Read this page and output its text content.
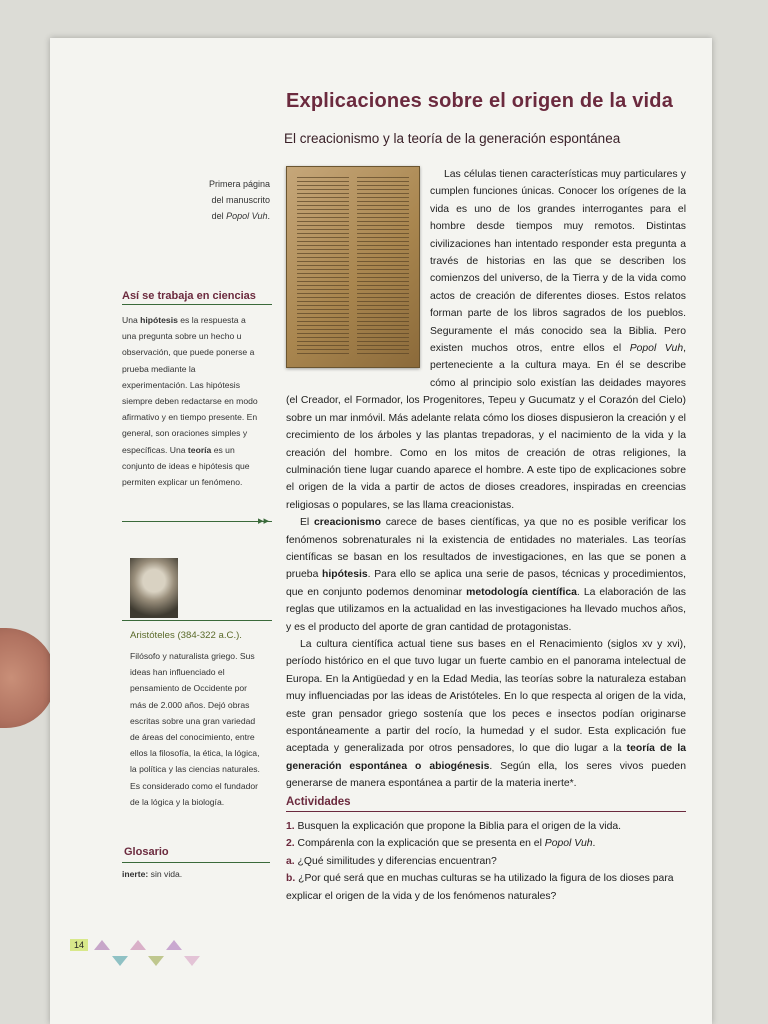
Explicaciones sobre el origen de la vida
El creacionismo y la teoría de la generación espontánea
Primera página
del manuscrito
del Popol Vuh.

Las células tienen características muy particulares y cumplen funciones únicas. Conocer los orígenes de la vida es uno de los grandes interrogantes para el hombre desde tiempos muy remotos. Distintas civilizaciones han intentado responder esta pregunta a través de historias en las que se describen los comienzos del universo, de la Tierra y de la vida como actos de creación de diferentes dioses. Estos relatos forman parte de los libros sagrados de los pueblos. Seguramente el más conocido sea la Biblia. Pero existen muchos otros, entre ellos el Popol Vuh, perteneciente a la cultura maya. En él se describe cómo al principio solo existían las deidades mayores (el Creador, el Formador, los Progenitores, Tepeu y Gucumatz y el Corazón del Cielo) sobre un mar inmóvil. Más adelante relata cómo los dioses dispusieron la creación y el crecimiento de los árboles y las plantas trepadoras, y el nacimiento de la vida y la creación del hombre. Como en los mitos de creación de otras religiones, la culminación tiene lugar cuando aparece el hombre. A este tipo de explicaciones sobre el origen de la vida a partir de actos de dioses creadores, inspiradas en creencias religiosas o populares, se las llama creacionistas.

El creacionismo carece de bases científicas, ya que no es posible verificar los fenómenos sobrenaturales ni la existencia de entidades no materiales. Las teorías científicas se basan en los resultados de investigaciones, en las que se ponen a prueba hipótesis. Para ello se aplica una serie de pasos, técnicas y procedimientos, que en conjunto podemos denominar metodología científica. La elaboración de las reglas que utilizamos en la actualidad en las investigaciones ha llevado muchos años, y es el producto del aporte de gran cantidad de protagonistas.

La cultura científica actual tiene sus bases en el Renacimiento (siglos xv y xvi), período histórico en el que tuvo lugar un fuerte cambio en el panorama intelectual de Europa. En la Antigüedad y en la Edad Media, las teorías sobre la naturaleza estaban muy influenciadas por las ideas de Aristóteles. En lo que respecta al origen de la vida, este gran pensador griego sostenía que los peces e insectos podían originarse espontáneamente a partir del rocío, la humedad y el sudor. Esta explicación fue aceptada y generalizada por otros pensadores, lo que dio lugar a la teoría de la generación espontánea o abiogénesis. Según ella, los seres vivos pueden generarse de manera espontánea a partir de la materia inerte*.

Así se trabaja en ciencias
Una hipótesis es la respuesta a una pregunta sobre un hecho u observación, que puede ponerse a prueba mediante la experimentación. Las hipótesis siempre deben redactarse en modo afirmativo y en tiempo presente. En general, son oraciones simples y específicas. Una teoría es un conjunto de ideas e hipótesis que permiten explicar un fenómeno.
▸▸
Aristóteles (384-322 a.C.).
Filósofo y naturalista griego. Sus ideas han influenciado el pensamiento de Occidente por más de 2.000 años. Dejó obras escritas sobre una gran variedad de áreas del conocimiento, entre ellos la filosofía, la ética, la lógica, la política y las ciencias naturales. Es considerado como el fundador de la lógica y la biología.
Glosario
inerte: sin vida.
Actividades
1. Busquen la explicación que propone la Biblia para el origen de la vida.
2. Compárenla con la explicación que se presenta en el Popol Vuh.
a. ¿Qué similitudes y diferencias encuentran?
b. ¿Por qué será que en muchas culturas se ha utilizado la figura de los dioses para explicar el origen de la vida y de los fenómenos naturales?
14
